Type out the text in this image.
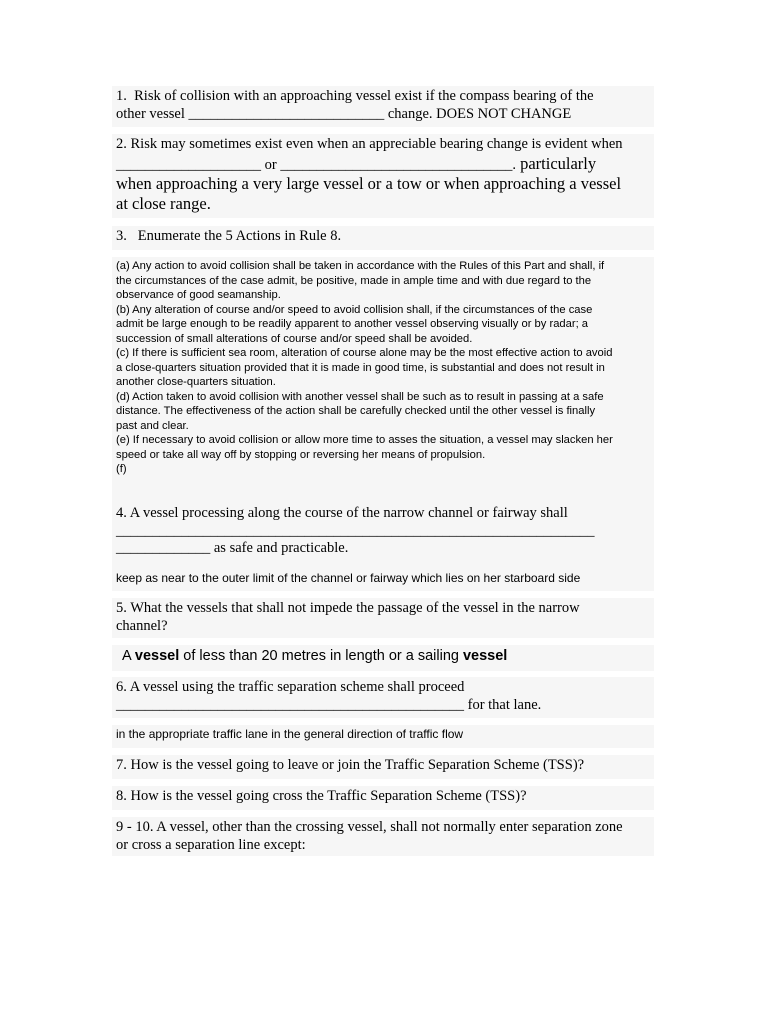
1.  Risk of collision with an approaching vessel exist if the compass bearing of the

other vessel ___________________________ change. DOES NOT CHANGE

2. Risk may sometimes exist even when an appreciable bearing change is evident when

____________________ or ________________________________. particularly

when approaching a very large vessel or a tow or when approaching a vessel

at close range.

3.   Enumerate the 5 Actions in Rule 8.

(a) Any action to avoid collision shall be taken in accordance with the Rules of this Part and shall, if

the circumstances of the case admit, be positive, made in ample time and with due regard to the

observance of good seamanship.

(b) Any alteration of course and/or speed to avoid collision shall, if the circumstances of the case

admit be large enough to be readily apparent to another vessel observing visually or by radar; a

succession of small alterations of course and/or speed shall be avoided.

(c) If there is sufficient sea room, alteration of course alone may be the most effective action to avoid

a close-quarters situation provided that it is made in good time, is substantial and does not result in

another close-quarters situation.

(d) Action taken to avoid collision with another vessel shall be such as to result in passing at a safe

distance. The effectiveness of the action shall be carefully checked until the other vessel is finally

past and clear.

(e) If necessary to avoid collision or allow more time to asses the situation, a vessel may slacken her

speed or take all way off by stopping or reversing her means of propulsion.

(f)

4. A vessel processing along the course of the narrow channel or fairway shall

__________________________________________________________________

_____________ as safe and practicable.

keep as near to the outer limit of the channel or fairway which lies on her starboard side

5. What the vessels that shall not impede the passage of the vessel in the narrow

channel?

A vessel of less than 20 metres in length or a sailing vessel

6. A vessel using the traffic separation scheme shall proceed

________________________________________________ for that lane.

in the appropriate traffic lane in the general direction of traffic flow

7. How is the vessel going to leave or join the Traffic Separation Scheme (TSS)?

8. How is the vessel going cross the Traffic Separation Scheme (TSS)?

9 - 10. A vessel, other than the crossing vessel, shall not normally enter separation zone

or cross a separation line except:
